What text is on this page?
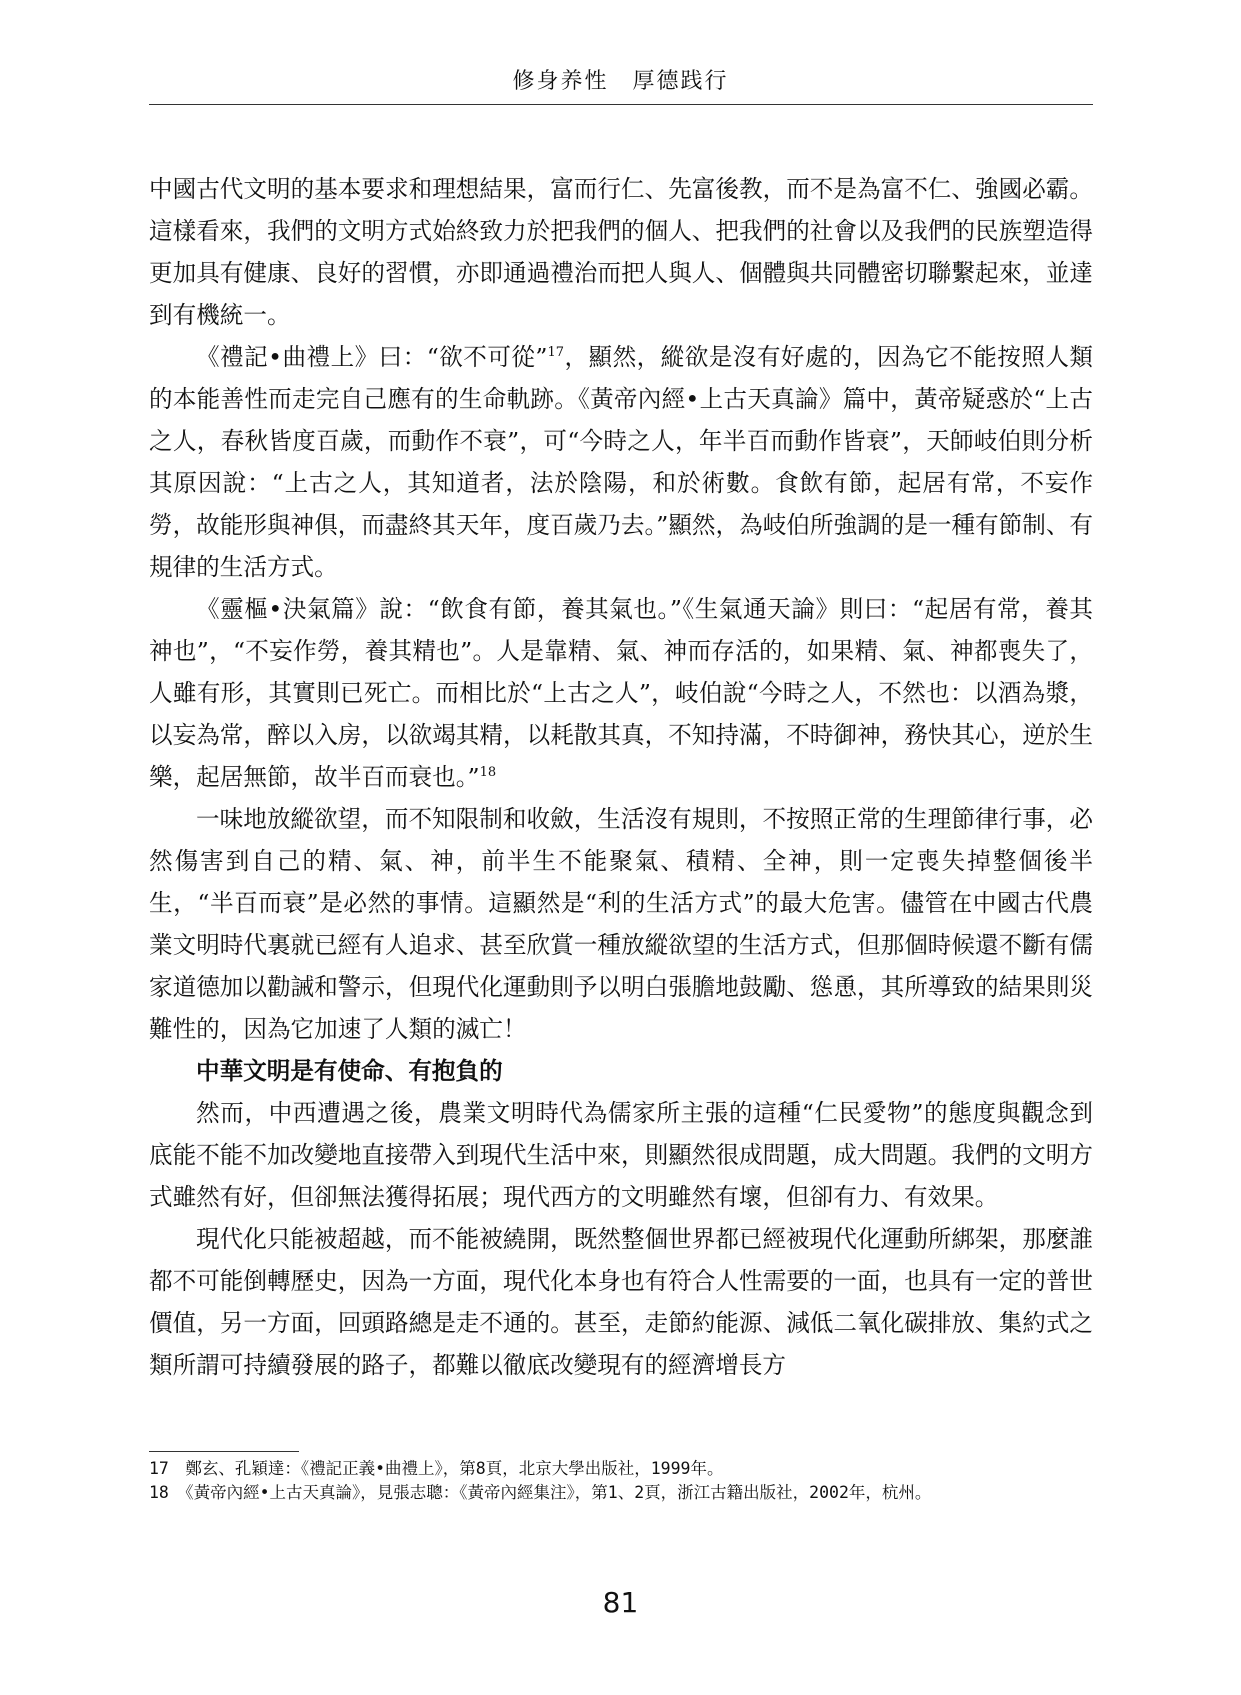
修身养性　厚德践行

中國古代文明的基本要求和理想結果，富而行仁、先富後教，而不是為富不仁、強國必霸。這樣看來，我們的文明方式始終致力於把我們的個人、把我們的社會以及我們的民族塑造得更加具有健康、良好的習慣，亦即通過禮治而把人與人、個體與共同體密切聯繫起來，並達到有機統一。

《禮記•曲禮上》曰：“欲不可從”$^{17}$，顯然，縱欲是沒有好處的，因為它不能按照人類的本能善性而走完自己應有的生命軌跡。《黃帝內經•上古天真論》篇中，黃帝疑惑於“上古之人，春秋皆度百歲，而動作不衰”，可“今時之人，年半百而動作皆衰”，天師岐伯則分析其原因說：“上古之人，其知道者，法於陰陽，和於術數。食飲有節，起居有常，不妄作勞，故能形與神俱，而盡終其天年，度百歲乃去。”顯然，為岐伯所強調的是一種有節制、有規律的生活方式。

《靈樞•決氣篇》說：“飲食有節，養其氣也。”《生氣通天論》則曰：“起居有常，養其神也”，“不妄作勞，養其精也”。人是靠精、氣、神而存活的，如果精、氣、神都喪失了，人雖有形，其實則已死亡。而相比於“上古之人”，岐伯說“今時之人，不然也：以酒為漿，以妄為常，醉以入房，以欲竭其精，以耗散其真，不知持滿，不時御神，務快其心，逆於生樂，起居無節，故半百而衰也。”$^{18}$

一味地放縱欲望，而不知限制和收斂，生活沒有規則，不按照正常的生理節律行事，必然傷害到自己的精、氣、神，前半生不能聚氣、積精、全神，則一定喪失掉整個後半生，“半百而衰”是必然的事情。這顯然是“利的生活方式”的最大危害。儘管在中國古代農業文明時代裏就已經有人追求、甚至欣賞一種放縱欲望的生活方式，但那個時候還不斷有儒家道德加以勸誡和警示，但現代化運動則予以明白張膽地鼓勵、慫恿，其所導致的結果則災難性的，因為它加速了人類的滅亡！

中華文明是有使命、有抱負的

然而，中西遭遇之後，農業文明時代為儒家所主張的這種“仁民愛物”的態度與觀念到底能不能不加改變地直接帶入到現代生活中來，則顯然很成問題，成大問題。我們的文明方式雖然有好，但卻無法獲得拓展；現代西方的文明雖然有壞，但卻有力、有效果。

現代化只能被超越，而不能被繞開，既然整個世界都已經被現代化運動所綁架，那麼誰都不可能倒轉歷史，因為一方面，現代化本身也有符合人性需要的一面，也具有一定的普世價值，另一方面，回頭路總是走不通的。甚至，走節約能源、減低二氧化碳排放、集約式之類所謂可持續發展的路子，都難以徹底改變現有的經濟增長方

17　鄭玄、孔穎達：《禮記正義•曲禮上》，第8頁，北京大學出版社，1999年。

18　《黃帝內經•上古天真論》，見張志聰：《黃帝內經集注》，第1、2頁，浙江古籍出版社，2002年，杭州。

81
